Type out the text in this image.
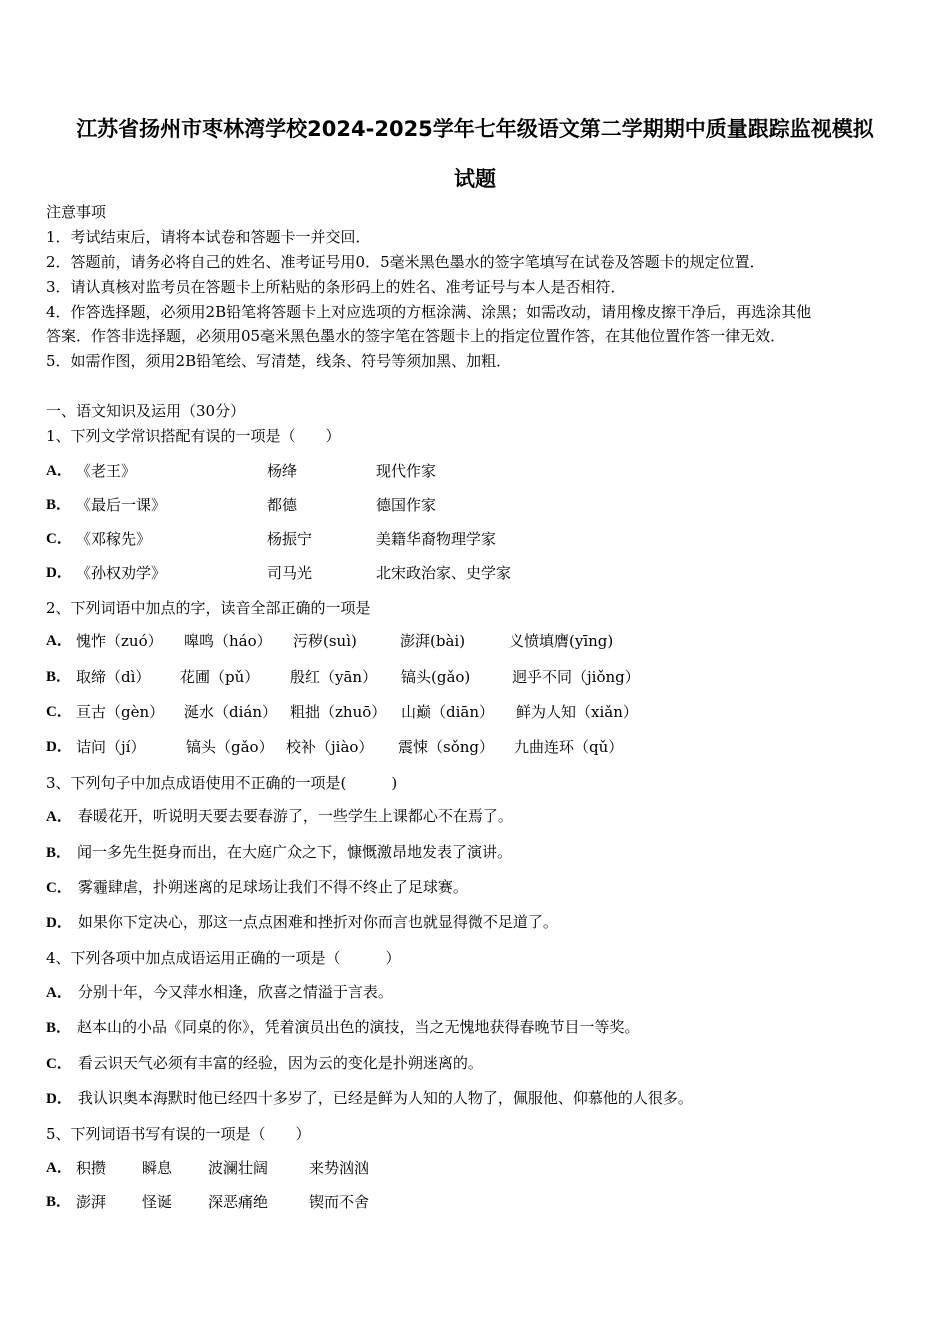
江苏省扬州市枣林湾学校2024-2025学年七年级语文第二学期期中质量跟踪监视模拟
试题
注意事项
1．考试结束后，请将本试卷和答题卡一并交回．
2．答题前，请务必将自己的姓名、准考证号用0．5毫米黑色墨水的签字笔填写在试卷及答题卡的规定位置．
3．请认真核对监考员在答题卡上所粘贴的条形码上的姓名、准考证号与本人是否相符．
4．作答选择题，必须用2B铅笔将答题卡上对应选项的方框涂满、涂黑；如需改动，请用橡皮擦干净后，再选涂其他
答案．作答非选择题，必须用05毫米黑色墨水的签字笔在答题卡上的指定位置作答，在其他位置作答一律无效．
5．如需作图，须用2B铅笔绘、写清楚，线条、符号等须加黑、加粗．
一、语文知识及运用（30分）
1、下列文学常识搭配有误的一项是（　　）
A． 《老王》	杨绛	现代作家
B． 《最后一课》	都德	德国作家
C． 《邓稼先》	杨振宁	美籍华裔物理学家
D． 《孙权劝学》	司马光	北宋政治家、史学家
2、下列词语中加点的字，读音全部正确的一项是
A． 愧怍（zuó） 嗥鸣（háo） 污秽(suì)	澎湃(bài)	义愤填膺(yīng)
B． 取缔（dì） 花圃（pǔ） 殷红（yān） 镐头(gǎo)	迥乎不同（jiǒng）
C． 亘古（gèn） 涎水（dián） 粗拙（zhuō） 山巅（diān） 鲜为人知（xiǎn）
D． 诘问（jí）	镐头（gǎo） 校补（jiào） 震悚（sǒng） 九曲连环（qǔ）
3、下列句子中加点成语使用不正确的一项是(　　　)
A． 春暖花开，听说明天要去要春游了，一些学生上课都心不在焉了。
B． 闻一多先生挺身而出，在大庭广众之下，慷慨激昂地发表了演讲。
C． 雾霾肆虐，扑朔迷离的足球场让我们不得不终止了足球赛。
D． 如果你下定决心，那这一点点困难和挫折对你而言也就显得微不足道了。
4、下列各项中加点成语运用正确的一项是（　　　）
A． 分别十年，今又萍水相逢，欣喜之情溢于言表。
B． 赵本山的小品《同桌的你》，凭着演员出色的演技，当之无愧地获得春晚节目一等奖。
C． 看云识天气必须有丰富的经验，因为云的变化是扑朔迷离的。
D． 我认识奥本海默时他已经四十多岁了，已经是鲜为人知的人物了，佩服他、仰慕他的人很多。
5、下列词语书写有误的一项是（　　）
A． 积攒 瞬息 波澜壮阔	来势汹汹
B． 澎湃 怪诞 深恶痛绝	锲而不舍
